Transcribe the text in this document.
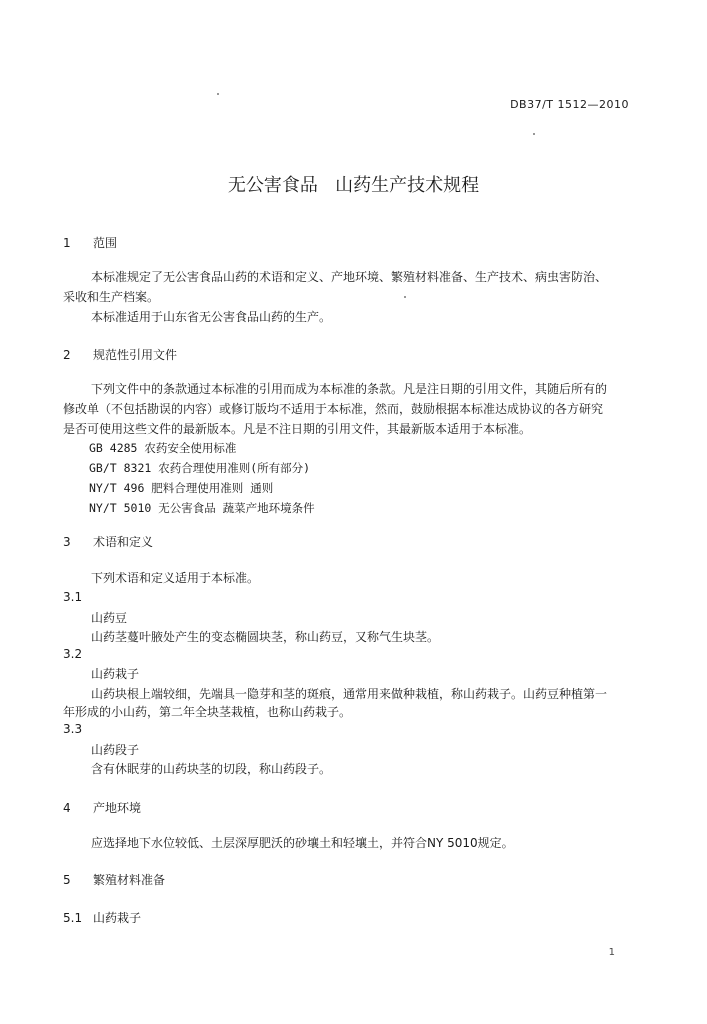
DB37/T 1512—2010
无公害食品   山药生产技术规程
1 范围
本标准规定了无公害食品山药的术语和定义、产地环境、繁殖材料准备、生产技术、病虫害防治、
采收和生产档案。
本标准适用于山东省无公害食品山药的生产。
2 规范性引用文件
下列文件中的条款通过本标准的引用而成为本标准的条款。凡是注日期的引用文件，其随后所有的
修改单（不包括勘误的内容）或修订版均不适用于本标准，然而，鼓励根据本标准达成协议的各方研究
是否可使用这些文件的最新版本。凡是不注日期的引用文件，其最新版本适用于本标准。
GB 4285 农药安全使用标准
GB/T 8321 农药合理使用准则(所有部分)
NY/T 496 肥料合理使用准则 通则
NY/T 5010 无公害食品 蔬菜产地环境条件
3 术语和定义
下列术语和定义适用于本标准。
3.1
山药豆
山药茎蔓叶腋处产生的变态椭圆块茎，称山药豆，又称气生块茎。
3.2
山药栽子
山药块根上端较细，先端具一隐芽和茎的斑痕，通常用来做种栽植，称山药栽子。山药豆种植第一
年形成的小山药，第二年全块茎栽植，也称山药栽子。
3.3
山药段子
含有休眠芽的山药块茎的切段，称山药段子。
4 产地环境
应选择地下水位较低、土层深厚肥沃的砂壤土和轻壤土，并符合NY 5010规定。
5 繁殖材料准备
5.1 山药栽子
1
